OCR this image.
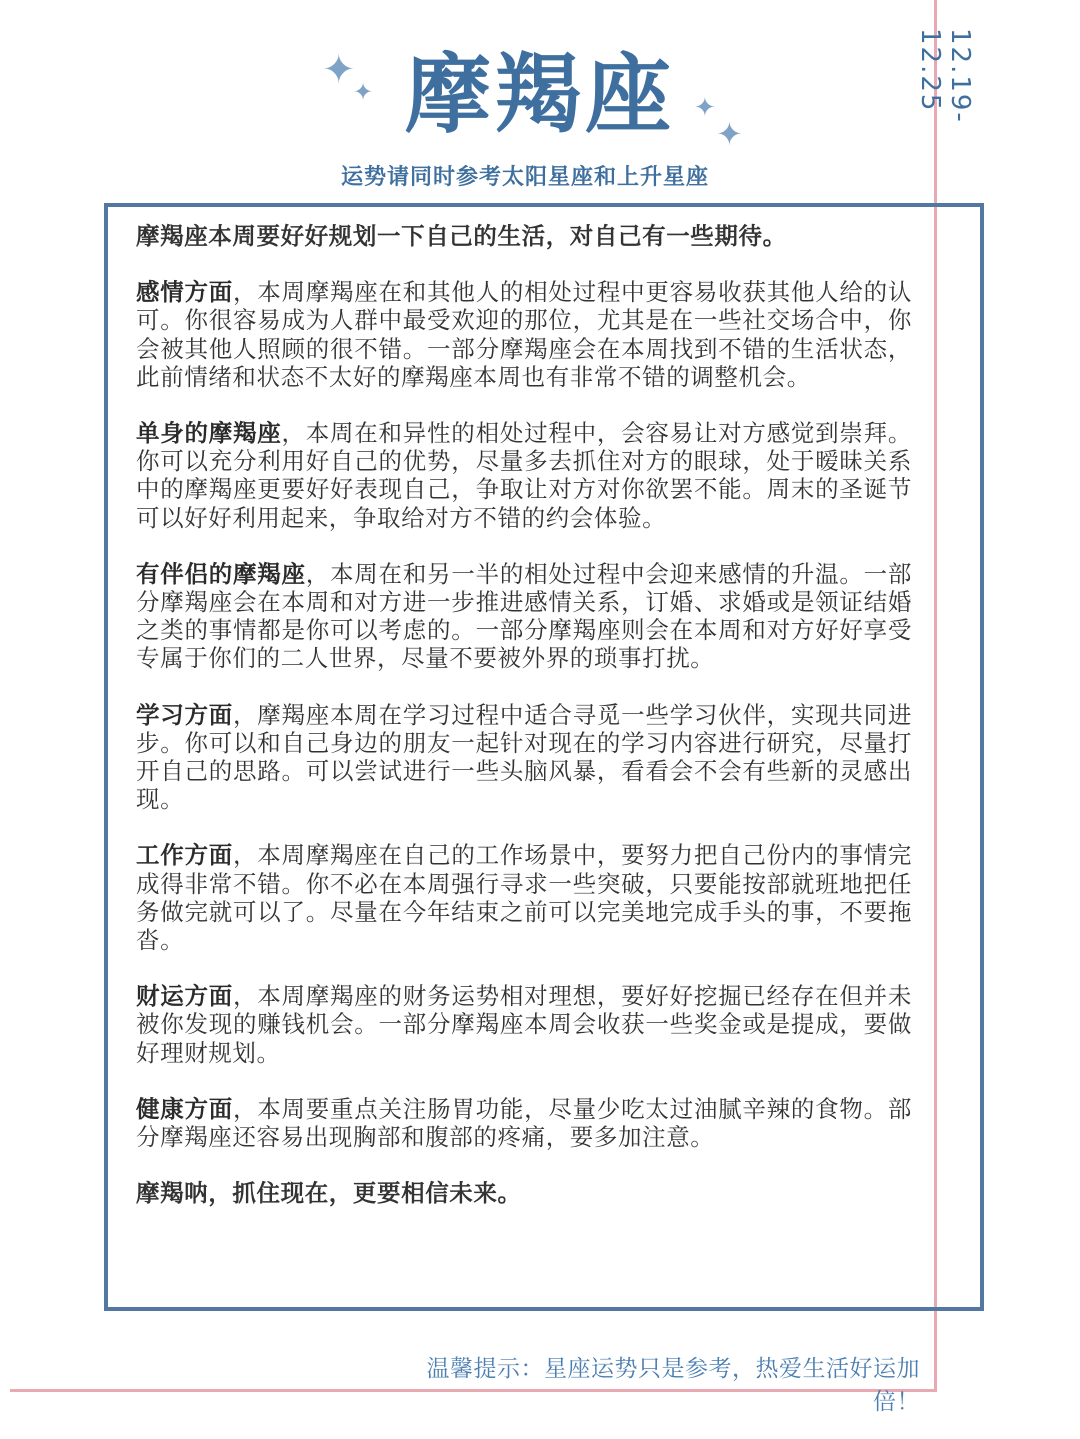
摩羯座
✦
✦
✦
✦
运势请同时参考太阳星座和上升星座
12.19-12.25

摩羯座本周要好好规划一下自己的生活，对自己有一些期待。

感情方面，本周摩羯座在和其他人的相处过程中更容易收获其他人给的认可。你很容易成为人群中最受欢迎的那位，尤其是在一些社交场合中，你会被其他人照顾的很不错。一部分摩羯座会在本周找到不错的生活状态，此前情绪和状态不太好的摩羯座本周也有非常不错的调整机会。

单身的摩羯座，本周在和异性的相处过程中，会容易让对方感觉到崇拜。你可以充分利用好自己的优势，尽量多去抓住对方的眼球，处于暧昧关系中的摩羯座更要好好表现自己，争取让对方对你欲罢不能。周末的圣诞节可以好好利用起来，争取给对方不错的约会体验。

有伴侣的摩羯座，本周在和另一半的相处过程中会迎来感情的升温。一部分摩羯座会在本周和对方进一步推进感情关系，订婚、求婚或是领证结婚之类的事情都是你可以考虑的。一部分摩羯座则会在本周和对方好好享受专属于你们的二人世界，尽量不要被外界的琐事打扰。

学习方面，摩羯座本周在学习过程中适合寻觅一些学习伙伴，实现共同进步。你可以和自己身边的朋友一起针对现在的学习内容进行研究，尽量打开自己的思路。可以尝试进行一些头脑风暴，看看会不会有些新的灵感出现。

工作方面，本周摩羯座在自己的工作场景中，要努力把自己份内的事情完成得非常不错。你不必在本周强行寻求一些突破，只要能按部就班地把任务做完就可以了。尽量在今年结束之前可以完美地完成手头的事，不要拖沓。

财运方面，本周摩羯座的财务运势相对理想，要好好挖掘已经存在但并未被你发现的赚钱机会。一部分摩羯座本周会收获一些奖金或是提成，要做好理财规划。

健康方面，本周要重点关注肠胃功能，尽量少吃太过油腻辛辣的食物。部分摩羯座还容易出现胸部和腹部的疼痛，要多加注意。

摩羯呐，抓住现在，更要相信未来。

温馨提示：星座运势只是参考，热爱生活好运加倍！
